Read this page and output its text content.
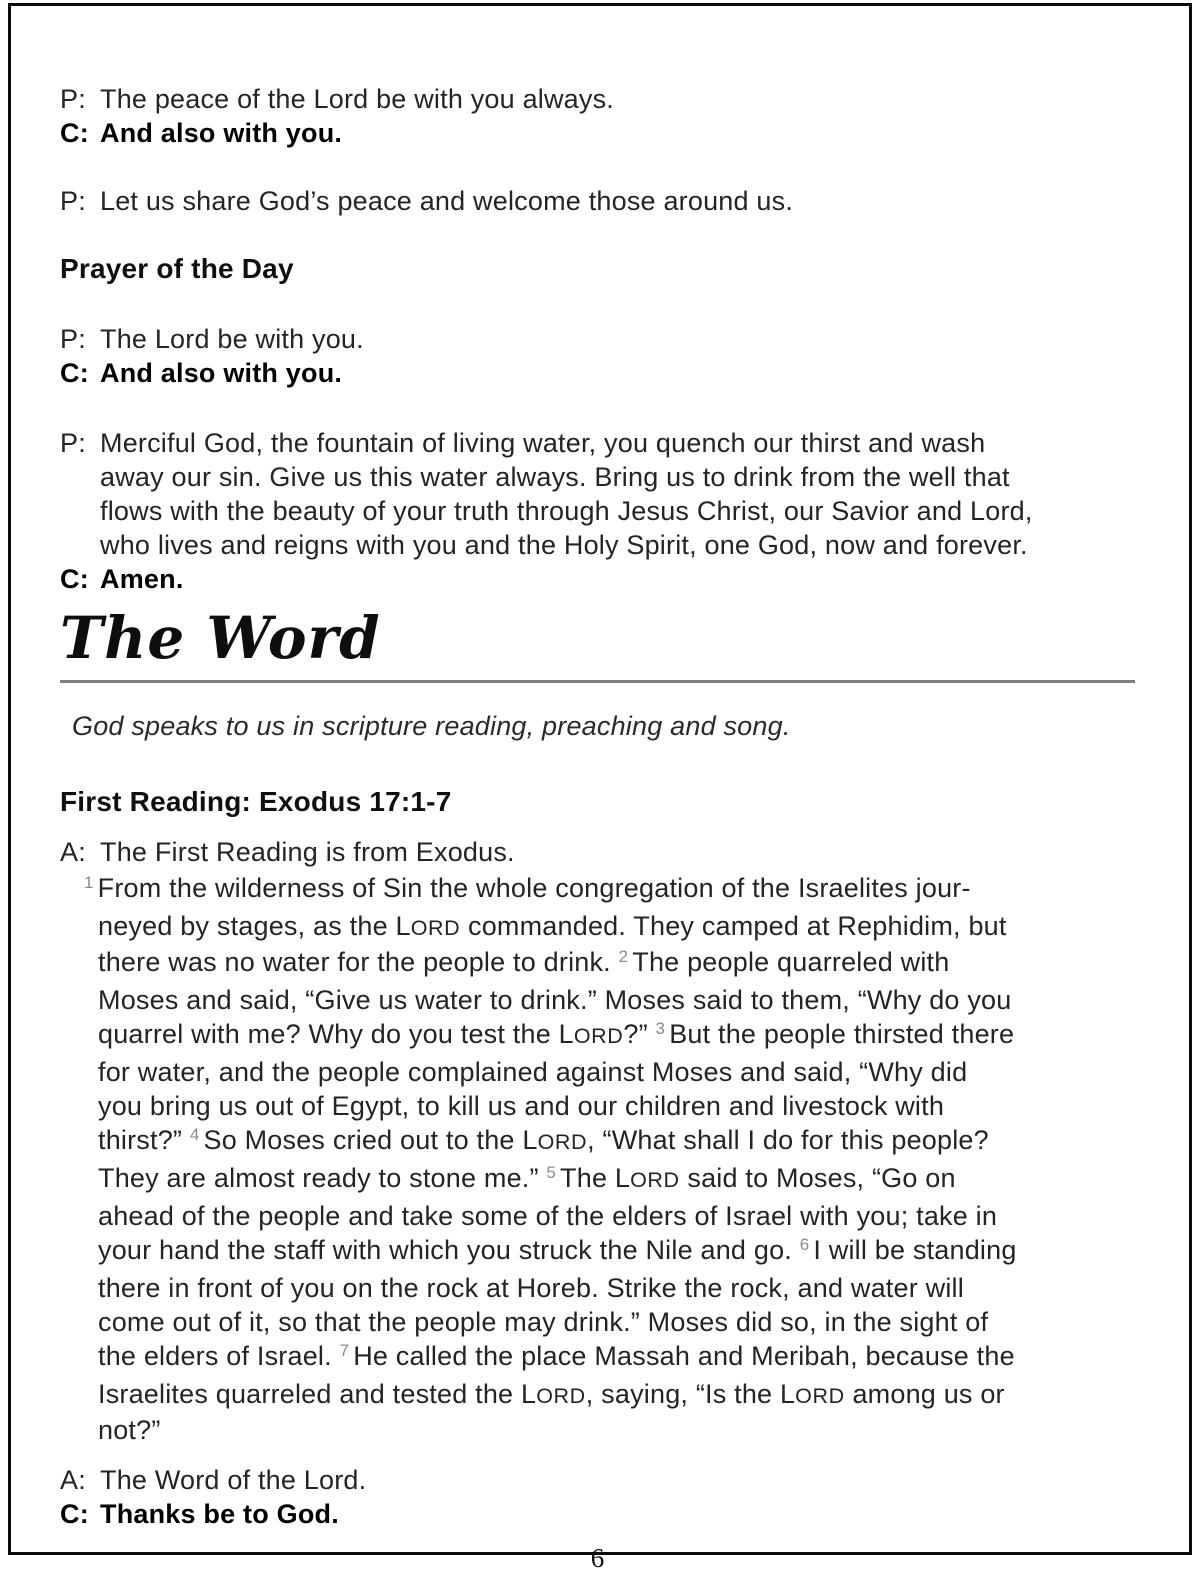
P: The peace of the Lord be with you always.
C: And also with you.
P: Let us share God’s peace and welcome those around us.
Prayer of the Day
P: The Lord be with you.
C: And also with you.
P: Merciful God, the fountain of living water, you quench our thirst and wash
away our sin. Give us this water always. Bring us to drink from the well that
flows with the beauty of your truth through Jesus Christ, our Savior and Lord,
who lives and reigns with you and the Holy Spirit, one God, now and forever.
C: Amen.
The Word

God speaks to us in scripture reading, preaching and song.

First Reading: Exodus 17:1-7
A: The First Reading is from Exodus.
$^1$ From the wilderness of Sin the whole congregation of the Israelites jour-
neyed by stages, as the LORD commanded. They camped at Rephidim, but
there was no water for the people to drink. $^2$ The people quarreled with
Moses and said, “Give us water to drink.” Moses said to them, “Why do you
quarrel with me? Why do you test the LORD?” $^3$ But the people thirsted there
for water, and the people complained against Moses and said, “Why did
you bring us out of Egypt, to kill us and our children and livestock with
thirst?” $^4$ So Moses cried out to the LORD, “What shall I do for this people?
They are almost ready to stone me.” $^5$ The LORD said to Moses, “Go on
ahead of the people and take some of the elders of Israel with you; take in
your hand the staff with which you struck the Nile and go. $^6$ I will be standing
there in front of you on the rock at Horeb. Strike the rock, and water will
come out of it, so that the people may drink.” Moses did so, in the sight of
the elders of Israel. $^7$ He called the place Massah and Meribah, because the
Israelites quarreled and tested the LORD, saying, “Is the LORD among us or
not?”
A: The Word of the Lord.
C: Thanks be to God.
6
